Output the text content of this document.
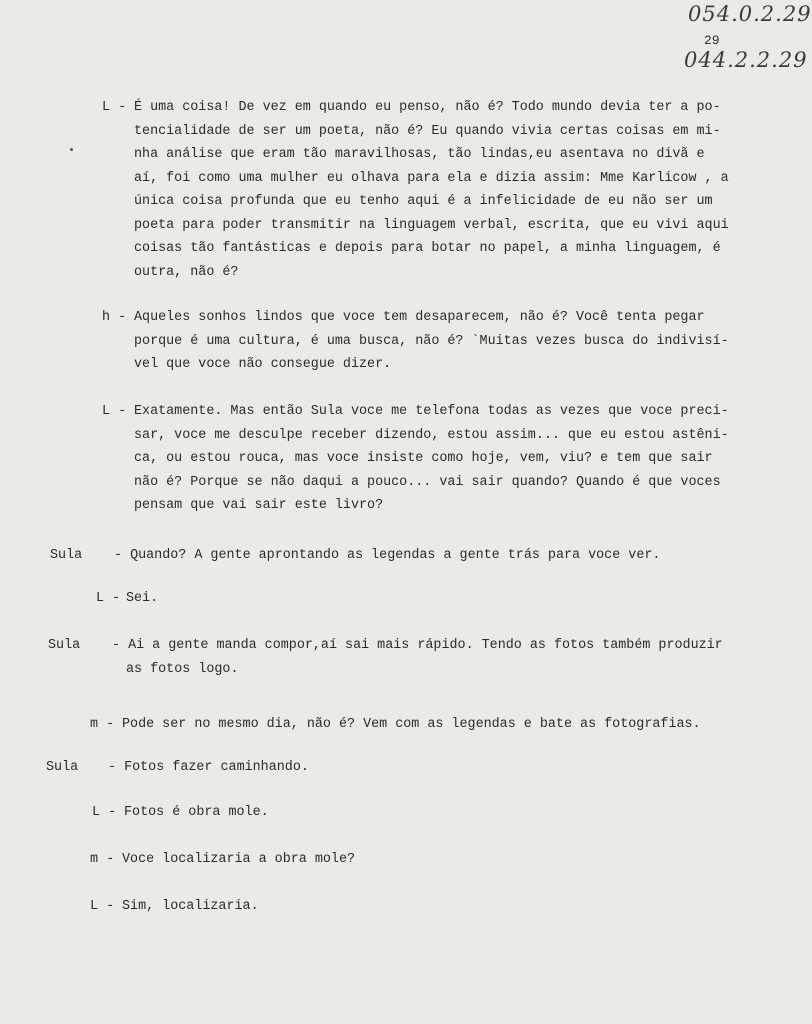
054.0.2.29
29
044.2.2.29
L - É uma coisa! De vez em quando eu penso, não é? Todo mundo devia ter a po-
tencialidade de ser um poeta, não é? Eu quando vivia certas coisas em mi-
nha análise que eram tão maravilhosas, tão lindas,eu asentava no divã e
aí, foi como uma mulher eu olhava para ela e dizia assim: Mme Karlicow , a
única coisa profunda que eu tenho aqui é a infelicidade de eu não ser um
poeta para poder transmitir na linguagem verbal, escrita, que eu vivi aqui
coisas tão fantásticas e depois para botar no papel, a minha linguagem, é
outra, não é?
h - Aqueles sonhos lindos que voce tem desaparecem, não é? Você tenta pegar
porque é uma cultura, é uma busca, não é? `Muitas vezes busca do indivisí-
vel que voce não consegue dizer.
L - Exatamente. Mas então Sula voce me telefona todas as vezes que voce preci-
sar, voce me desculpe receber dizendo, estou assim... que eu estou astêni-
ca, ou estou rouca, mas voce insiste como hoje, vem, viu? e tem que sair
não é? Porque se não daqui a pouco... vai sair quando? Quando é que voces
pensam que vai sair este livro?
Sula - Quando? A gente aprontando as legendas a gente trás para voce ver.
L - Sei.
Sula - Ai a gente manda compor,aí sai mais rápido. Tendo as fotos também produzir
as fotos logo.
m - Pode ser no mesmo dia, não é? Vem com as legendas e bate as fotografias.
Sula - Fotos fazer caminhando.
L - Fotos é obra mole.
m - Voce localizaria a obra mole?
L - Sim, localizaria.
